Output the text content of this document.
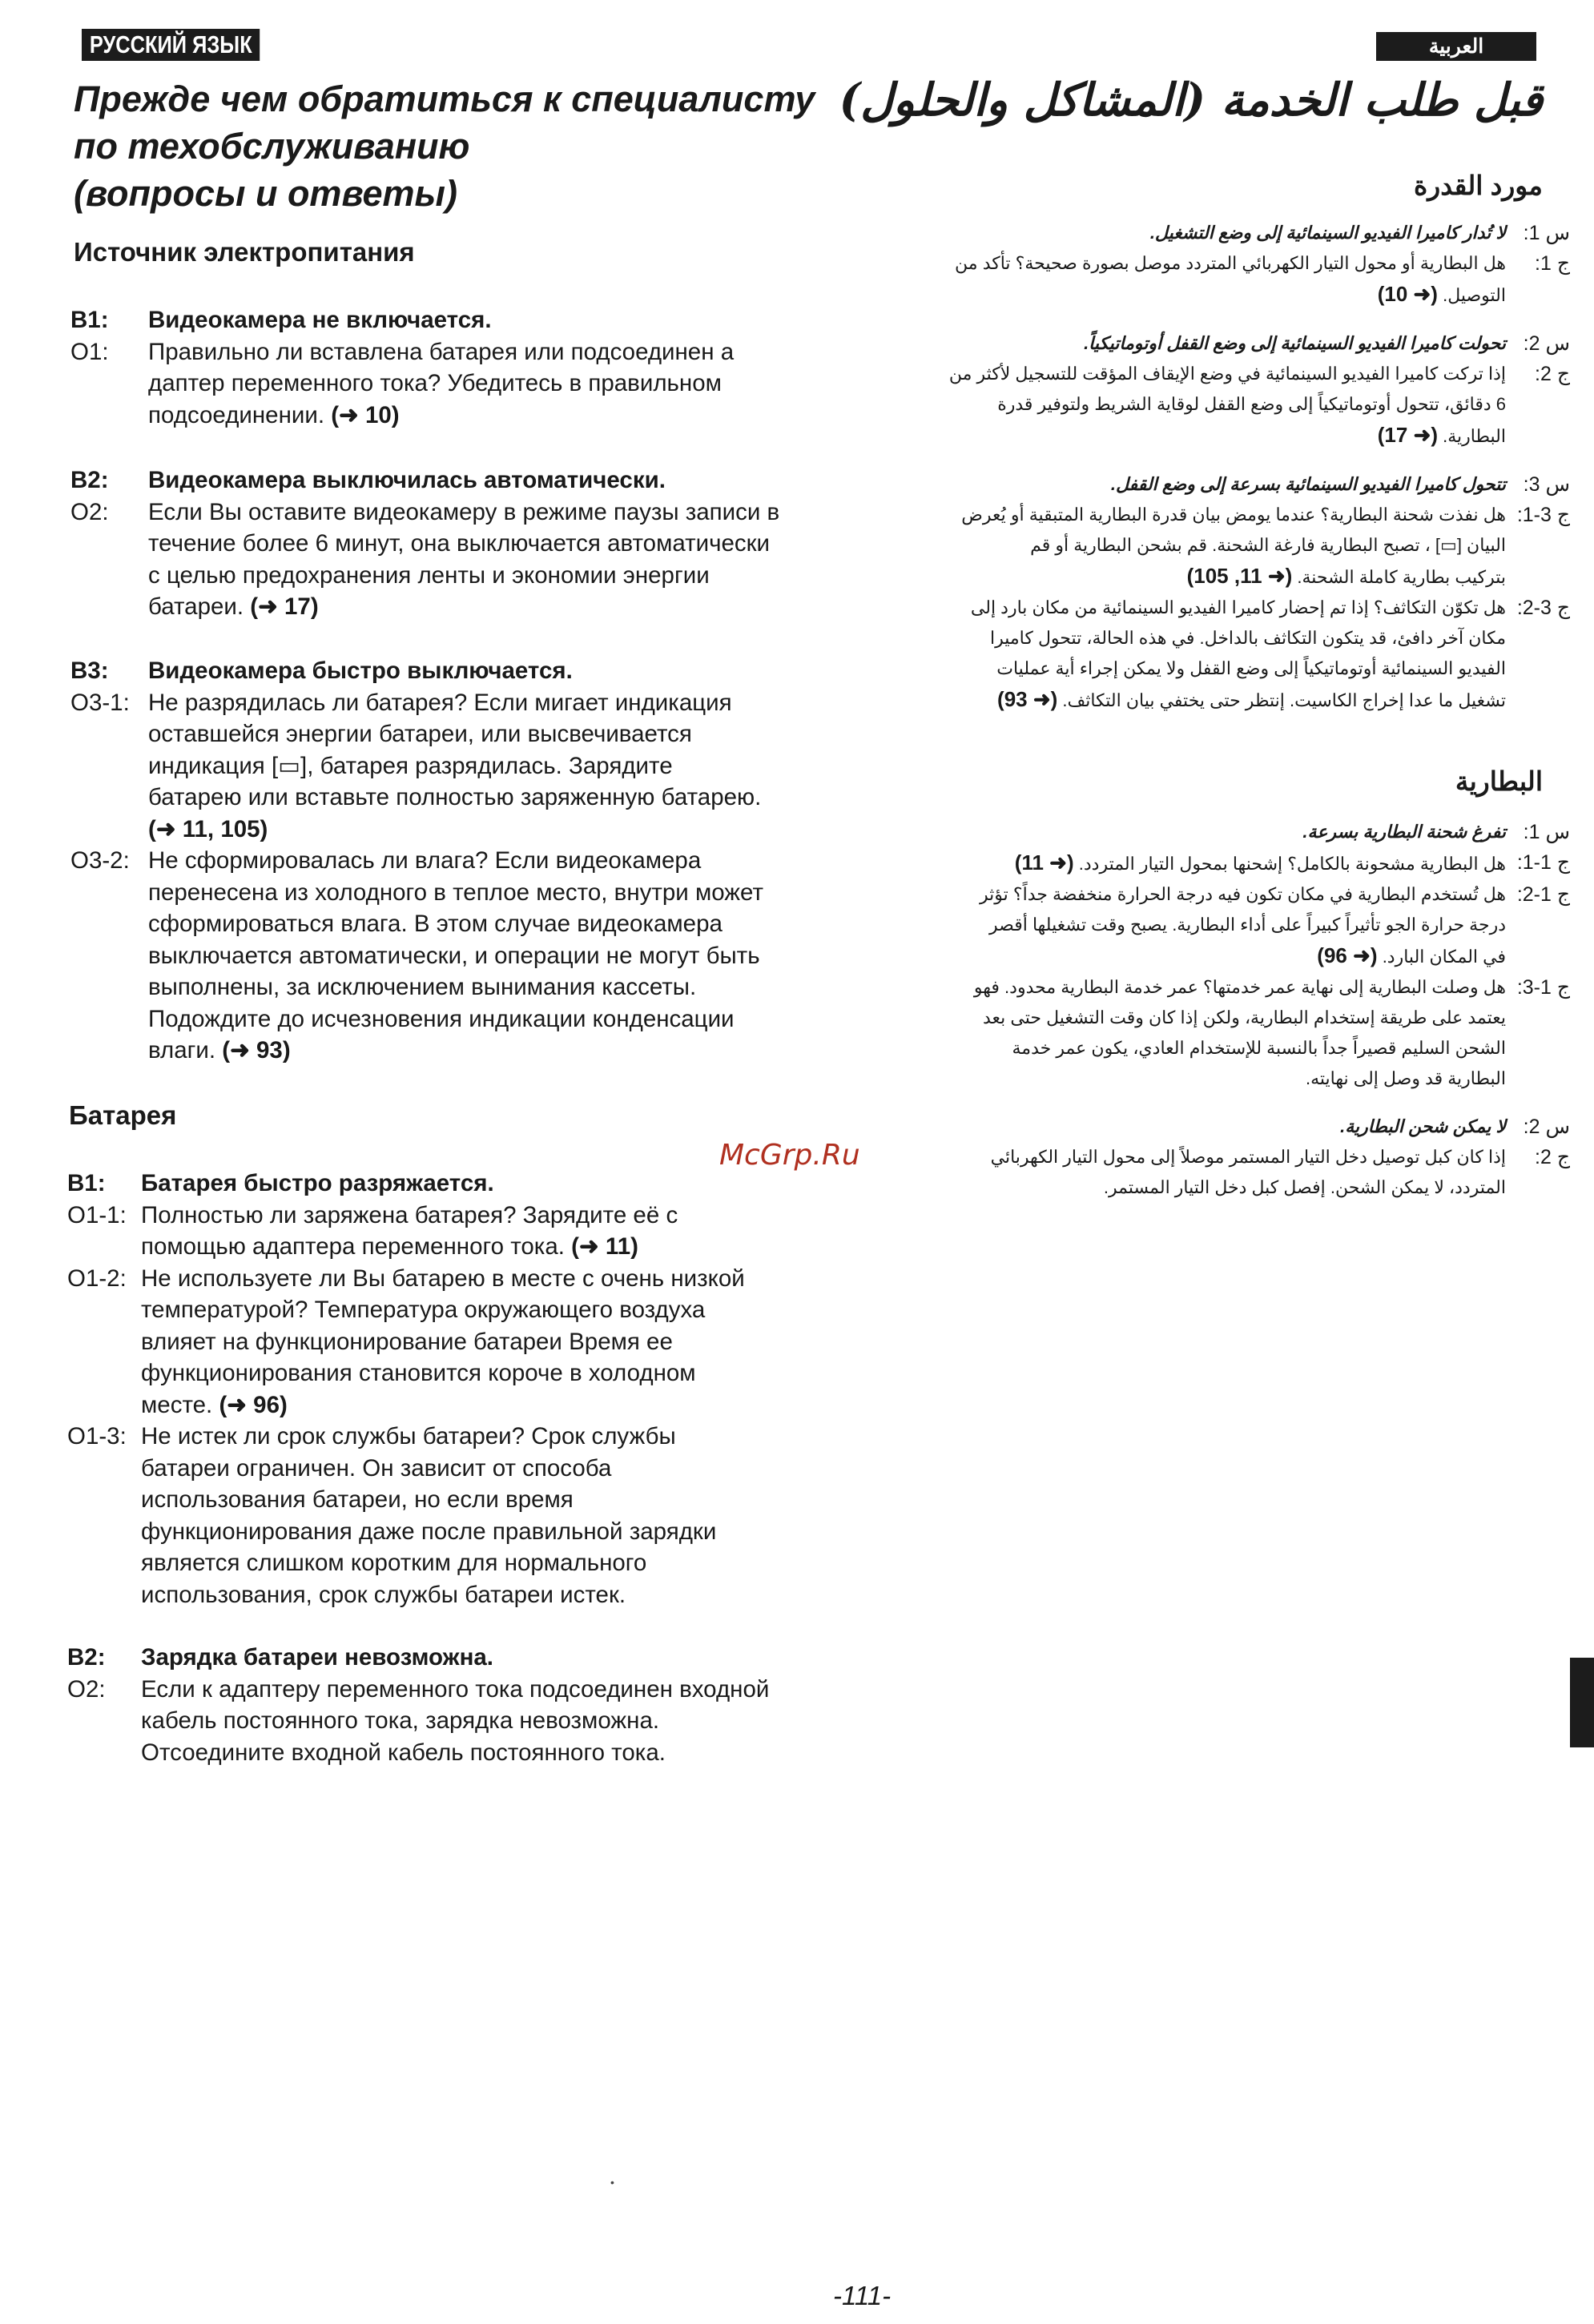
РУССКИЙ ЯЗЫК	العربية
Прежде чем обратиться к специалисту
по техобслуживанию
(вопросы и ответы)
Источник электропитания
B1:	Видеокамера не включается.
O1:	Правильно ли вставлена батарея или подсоединен а
даптер переменного тока? Убедитесь в правильном
подсоединении. (➜ 10)
B2:	Видеокамера выключилась автоматически.
O2:	Если Вы оставите видеокамеру в режиме паузы записи в
течение более 6 минут, она выключается автоматически
с целью предохранения ленты и экономии энергии
батареи. (➜ 17)
B3:	Видеокамера быстро выключается.
O3-1: Не разрядилась ли батарея? Если мигает индикация
оставшейся энергии батареи, или высвечивается
индикация [▭], батарея разрядилась. Зарядите
батарею или вставьте полностью заряженную батарею.
(➜ 11, 105)
O3-2: Не сформировалась ли влага? Если видеокамера
перенесена из холодного в теплое место, внутри может
сформироваться влага. В этом случае видеокамера
выключается автоматически, и операции не могут быть
выполнены, за исключением вынимания кассеты.
Подождите до исчезновения индикации конденсации
влаги. (➜ 93)
Батарея
B1:	Батарея быстро разряжается.
O1-1: Полностью ли заряжена батарея? Зарядите её с
помощью адаптера переменного тока. (➜ 11)
O1-2: Не используете ли Вы батарею в месте с очень низкой
температурой? Температура окружающего воздуха
влияет на функционирование батареи Время ее
функционирования становится короче в холодном
месте. (➜ 96)
O1-3: Не истек ли срок службы батареи? Срок службы
батареи ограничен. Он зависит от способа
использования батареи, но если время
функционирования даже после правильной зарядки
является слишком коротким для нормального
использования, срок службы батареи истек.
B2:	Зарядка батареи невозможна.
O2:	Если к адаптеру переменного тока подсоединен входной
кабель постоянного тока, зарядка невозможна.
Отсоедините входной кабель постоянного тока.
قبل طلب الخدمة (المشاكل والحلول)
مورد القدرة
س 1:
لا تُدار كاميرا الفيديو السينمائية إلى وضع التشغيل.
ج 1:
هل البطارية أو محول التيار الكهربائي المتردد موصل بصورة صحيحة؟ تأكد من
التوصيل. (➜ 10)
س 2:
تحولت كاميرا الفيديو السينمائية إلى وضع القفل أوتوماتيكياً.
ج 2:
إذا تركت كاميرا الفيديو السينمائية في وضع الإيقاف المؤقت للتسجيل لأكثر من
6 دقائق، تتحول أوتوماتيكياً إلى وضع القفل لوقاية الشريط ولتوفير قدرة
البطارية. (➜ 17)
س 3:
تتحول كاميرا الفيديو السينمائية بسرعة إلى وضع القفل.
ج 3-1:
هل نفذت شحنة البطارية؟ عندما يومض بيان قدرة البطارية المتبقية أو يُعرض
البيان [▭] ، تصبح البطارية فارغة الشحنة. قم بشحن البطارية أو قم
بتركيب بطارية كاملة الشحنة. (➜ 11, 105)
ج 3-2:
هل تكوّن التكاثف؟ إذا تم إحضار كاميرا الفيديو السينمائية من مكان بارد إلى
مكان آخر دافئ، قد يتكون التكاثف بالداخل. في هذه الحالة، تتحول كاميرا
الفيديو السينمائية أوتوماتيكياً إلى وضع القفل ولا يمكن إجراء أية عمليات
تشغيل ما عدا إخراج الكاسيت. إنتظر حتى يختفي بيان التكاثف. (➜ 93)
البطارية
س 1:
تفرغ شحنة البطارية بسرعة.
ج 1-1:
هل البطارية مشحونة بالكامل؟ إشحنها بمحول التيار المتردد. (➜ 11)
ج 1-2:
هل تُستخدم البطارية في مكان تكون فيه درجة الحرارة منخفضة جداً؟ تؤثر
درجة حرارة الجو تأثيراً كبيراً على أداء البطارية. يصبح وقت تشغيلها أقصر
في المكان البارد. (➜ 96)
ج 1-3:
هل وصلت البطارية إلى نهاية عمر خدمتها؟ عمر خدمة البطارية محدود. فهو
يعتمد على طريقة إستخدام البطارية، ولكن إذا كان وقت التشغيل حتى بعد
الشحن السليم قصيراً جداً بالنسبة للإستخدام العادي، يكون عمر خدمة
البطارية قد وصل إلى نهايته.
س 2:
لا يمكن شحن البطارية.
ج 2:
إذا كان كبل توصيل دخل التيار المستمر موصلاً إلى محول التيار الكهربائي
المتردد، لا يمكن الشحن. إفصل كبل دخل التيار المستمر.
McGrp.Ru
•
-111-
